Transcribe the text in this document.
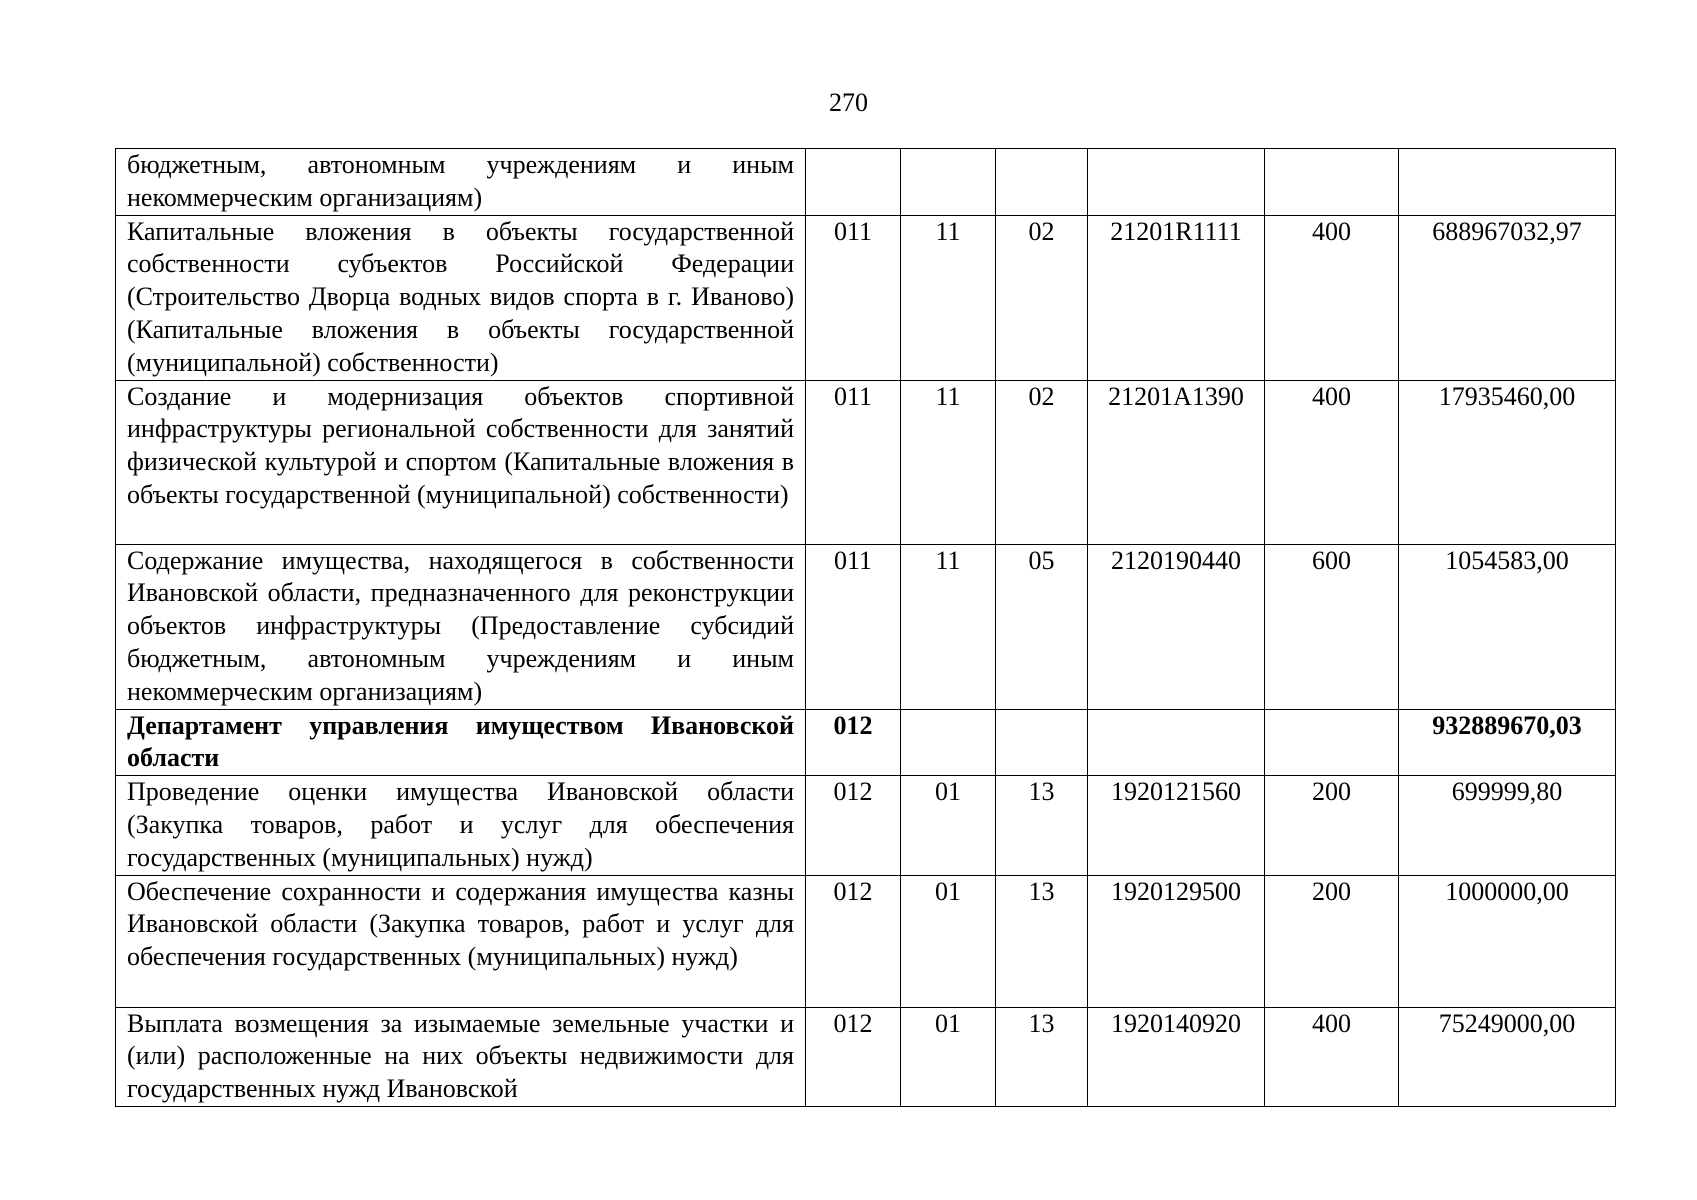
270
бюджетным, автономным учреждениям и иным некоммерческим организациям)						
Капитальные вложения в объекты государственной собственности субъектов Российской Федерации (Строительство Дворца водных видов спорта в г. Иваново) (Капитальные вложения в объекты государственной (муниципальной) собственности)	011	11	02	21201R1111	400	688967032,97
Создание и модернизация объектов спортивной инфраструктуры региональной собственности для занятий физической культурой и спортом (Капитальные вложения в объекты государственной (муниципальной) собственности)	011	11	02	21201A1390	400	17935460,00
Содержание имущества, находящегося в собственности Ивановской области, предназначенного для реконструкции объектов инфраструктуры (Предоставление субсидий бюджетным, автономным учреждениям и иным некоммерческим организациям)	011	11	05	2120190440	600	1054583,00
Департамент управления имуществом Ивановской области	012					932889670,03
Проведение оценки имущества Ивановской области (Закупка товаров, работ и услуг для обеспечения государственных (муниципальных) нужд)	012	01	13	1920121560	200	699999,80
Обеспечение сохранности и содержания имущества казны Ивановской области (Закупка товаров, работ и услуг для обеспечения государственных (муниципальных) нужд)	012	01	13	1920129500	200	1000000,00
Выплата возмещения за изымаемые земельные участки и (или) расположенные на них объекты недвижимости для государственных нужд Ивановской	012	01	13	1920140920	400	75249000,00
